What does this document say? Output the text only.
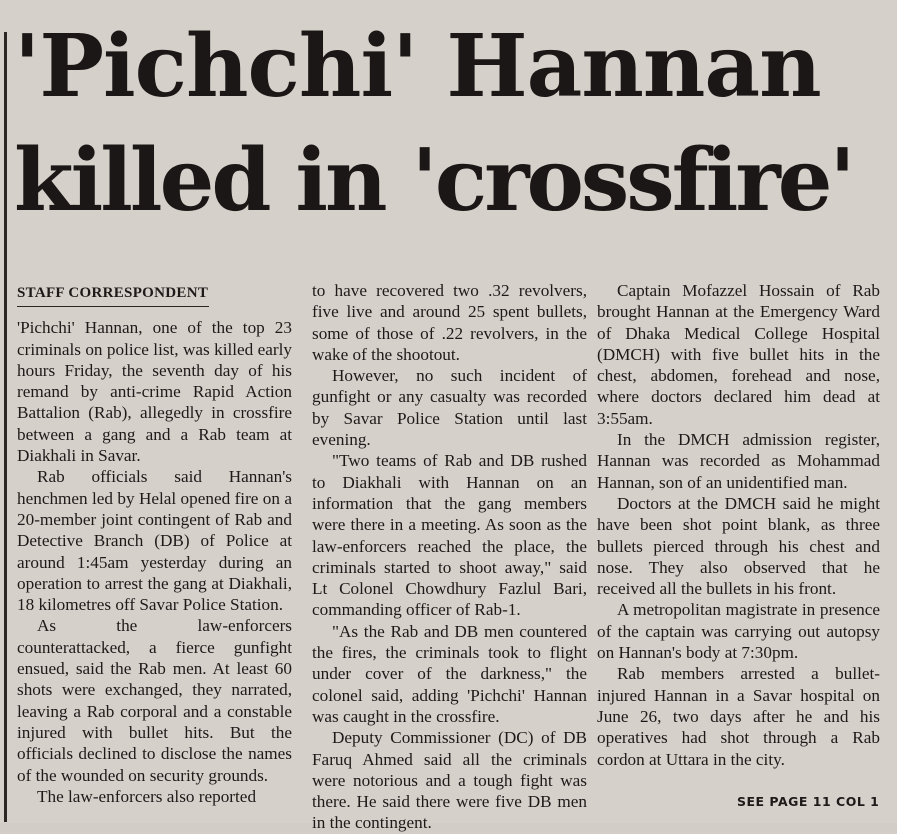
'Pichchi' Hannan
killed in 'crossfire'
STAFF CORRESPONDENT

'Pichchi' Hannan, one of the top 23 criminals on police list, was killed early hours Friday, the seventh day of his remand by anti-crime Rapid Action Battalion (Rab), allegedly in crossfire between a gang and a Rab team at Diakhali in Savar.

Rab officials said Hannan's henchmen led by Helal opened fire on a 20-member joint contingent of Rab and Detective Branch (DB) of Police at around 1:45am yesterday during an operation to arrest the gang at Diakhali, 18 kilometres off Savar Police Station.

As the law-enforcers counterattacked, a fierce gunfight ensued, said the Rab men. At least 60 shots were exchanged, they narrated, leaving a Rab corporal and a constable injured with bullet hits. But the officials declined to disclose the names of the wounded on security grounds.

The law-enforcers also reported

to have recovered two .32 revolvers, five live and around 25 spent bullets, some of those of .22 revolvers, in the wake of the shootout.

However, no such incident of gunfight or any casualty was recorded by Savar Police Station until last evening.

"Two teams of Rab and DB rushed to Diakhali with Hannan on an information that the gang members were there in a meeting. As soon as the law-enforcers reached the place, the criminals started to shoot away," said Lt Colonel Chowdhury Fazlul Bari, commanding officer of Rab-1.

"As the Rab and DB men countered the fires, the criminals took to flight under cover of the darkness," the colonel said, adding 'Pichchi' Hannan was caught in the crossfire.

Deputy Commissioner (DC) of DB Faruq Ahmed said all the criminals were notorious and a tough fight was there. He said there were five DB men in the contingent.

Captain Mofazzel Hossain of Rab brought Hannan at the Emergency Ward of Dhaka Medical College Hospital (DMCH) with five bullet hits in the chest, abdomen, forehead and nose, where doctors declared him dead at 3:55am.

In the DMCH admission register, Hannan was recorded as Mohammad Hannan, son of an unidentified man.

Doctors at the DMCH said he might have been shot point blank, as three bullets pierced through his chest and nose. They also observed that he received all the bullets in his front.

A metropolitan magistrate in presence of the captain was carrying out autopsy on Hannan's body at 7:30pm.

Rab members arrested a bullet-injured Hannan in a Savar hospital on June 26, two days after he and his operatives had shot through a Rab cordon at Uttara in the city.

SEE PAGE 11 COL 1
